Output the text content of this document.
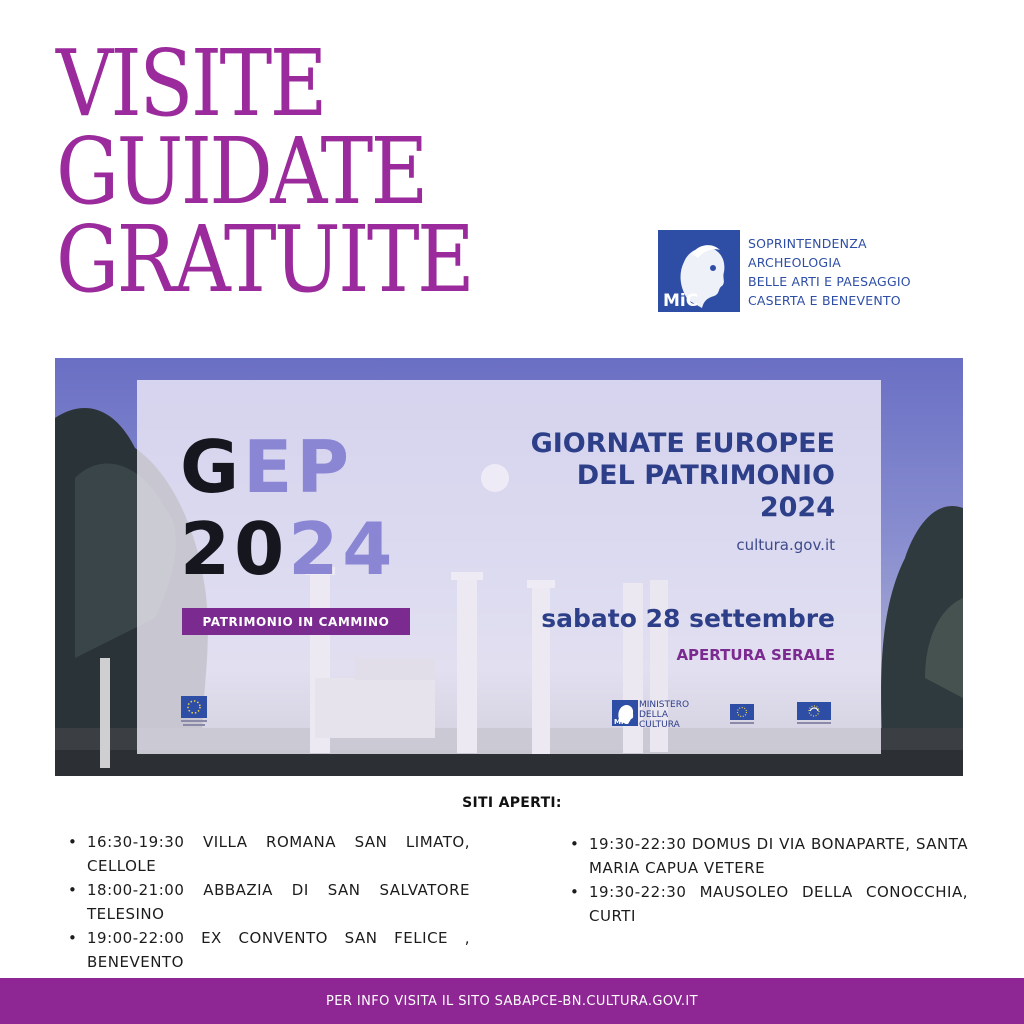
VISITE
GUIDATE
GRATUITE	MiC
SOPRINTENDENZA
ARCHEOLOGIA
BELLE ARTI E PAESAGGIO
CASERTA E BENEVENTO
GEP
2024
PATRIMONIO IN CAMMINO
GIORNATE EUROPEE
DEL PATRIMONIO
2024
cultura.gov.it
sabato 28 settembre
APERTURA SERALE
MiC
MINISTERO
DELLA
CULTURA
SITI APERTI:
• 16:30-19:30 VILLA ROMANA SAN LIMATO, CELLOLE
• 18:00-21:00 ABBAZIA DI SAN SALVATORE TELESINO
• 19:00-22:00 EX CONVENTO SAN FELICE , BENEVENTO
• 19:30-22:30 DOMUS DI VIA BONAPARTE, SANTA MARIA CAPUA VETERE
• 19:30-22:30 MAUSOLEO DELLA CONOCCHIA, CURTI
PER INFO VISITA IL SITO SABAPCE-BN.CULTURA.GOV.IT
